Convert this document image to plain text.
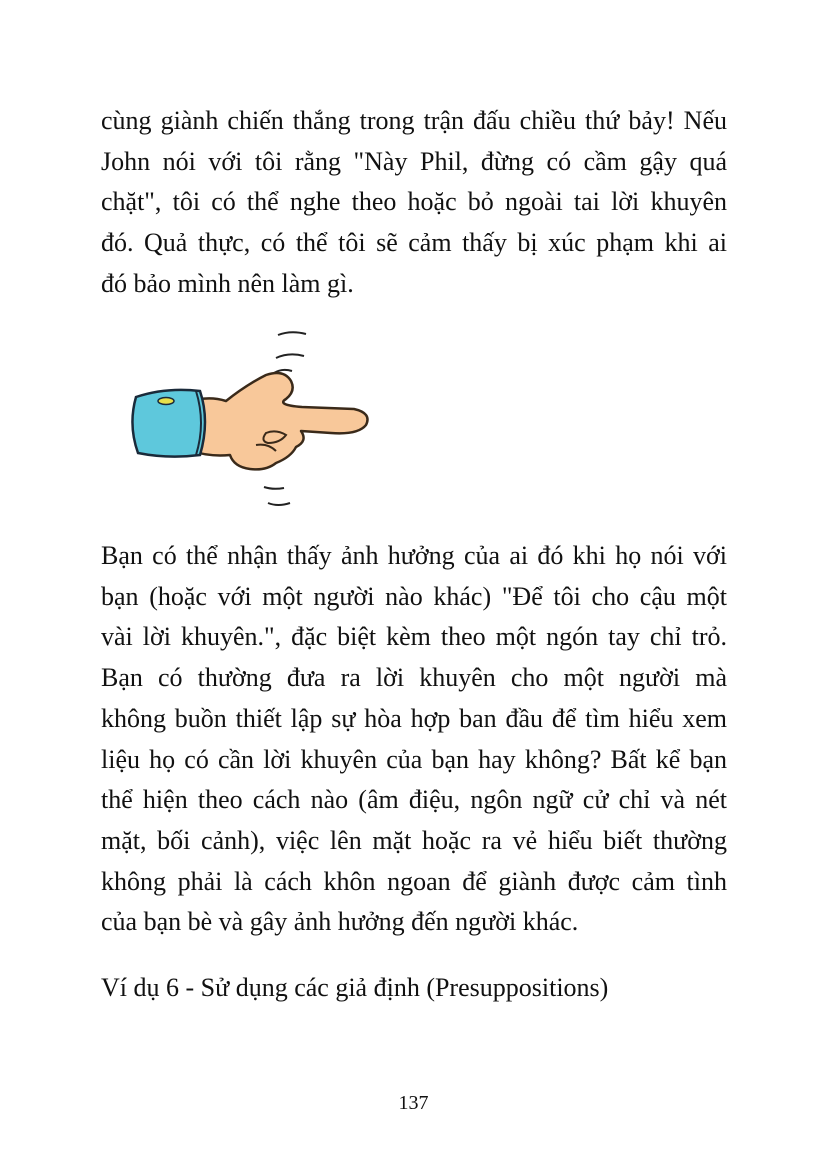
cùng giành chiến thắng trong trận đấu chiều thứ bảy! Nếu
John nói với tôi rằng "Này Phil, đừng có cầm gậy quá
chặt", tôi có thể nghe theo hoặc bỏ ngoài tai lời khuyên
đó. Quả thực, có thể tôi sẽ cảm thấy bị xúc phạm khi ai
đó bảo mình nên làm gì.
Bạn có thể nhận thấy ảnh hưởng của ai đó khi họ nói với
bạn (hoặc với một người nào khác) "Để tôi cho cậu một
vài lời khuyên.", đặc biệt kèm theo một ngón tay chỉ trỏ.
Bạn có thường đưa ra lời khuyên cho một người mà
không buồn thiết lập sự hòa hợp ban đầu để tìm hiểu xem
liệu họ có cần lời khuyên của bạn hay không? Bất kể bạn
thể hiện theo cách nào (âm điệu, ngôn ngữ cử chỉ và nét
mặt, bối cảnh), việc lên mặt hoặc ra vẻ hiểu biết thường
không phải là cách khôn ngoan để giành được cảm tình
của bạn bè và gây ảnh hưởng đến người khác.

Ví dụ 6 - Sử dụng các giả định (Presuppositions)

137
